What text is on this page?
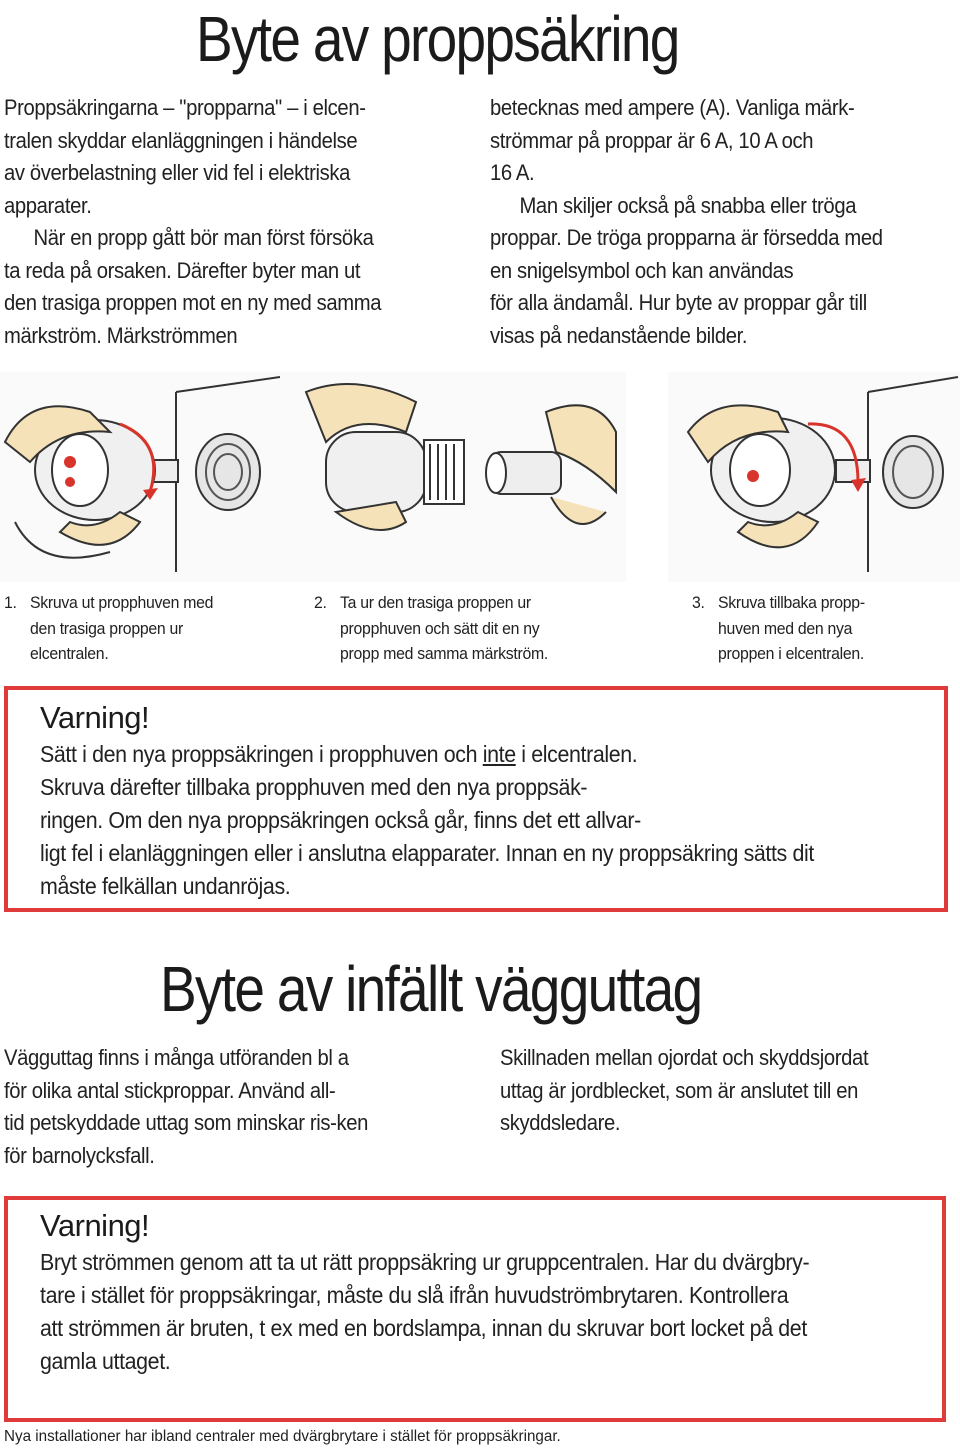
Byte av proppsäkring
Proppsäkringarna – "propparna" – i elcen-
tralen skyddar elanläggningen i händelse
av överbelastning eller vid fel i elektriska
apparater.
När en propp gått bör man först försöka
ta reda på orsaken. Därefter byter man ut
den trasiga proppen mot en ny med samma
märkström. Märkströmmen
betecknas med ampere (A). Vanliga märk-
strömmar på proppar är 6 A, 10 A och
16 A.
Man skiljer också på snabba eller tröga
proppar. De tröga propparna är försedda med
en snigelsymbol och kan användas
för alla ändamål. Hur byte av proppar går till
visas på nedanstående bilder.
1. Skruva ut propphuven med
den trasiga proppen ur
elcentralen.
2. Ta ur den trasiga proppen ur
propphuven och sätt dit en ny
propp med samma märkström.
3. Skruva tillbaka propp-
huven med den nya
proppen i elcentralen.
Varning!
Sätt i den nya proppsäkringen i propphuven och inte i elcentralen.
Skruva därefter tillbaka propphuven med den nya proppsäk-
ringen. Om den nya proppsäkringen också går, finns det ett allvar-
ligt fel i elanläggningen eller i anslutna elapparater. Innan en ny proppsäkring sätts dit
måste felkällan undanröjas.
Byte av infällt vägguttag
Vägguttag finns i många utföranden bl a
för olika antal stickproppar. Använd all-
tid petskyddade uttag som minskar ris-ken
för barnolycksfall.
Skillnaden mellan ojordat och skyddsjordat
uttag är jordblecket, som är anslutet till en
skyddsledare.
Varning!
Bryt strömmen genom att ta ut rätt proppsäkring ur gruppcentralen. Har du dvärgbry-
tare i stället för proppsäkringar, måste du slå ifrån huvudströmbrytaren. Kontrollera
att strömmen är bruten, t ex med en bordslampa, innan du skruvar bort locket på det
gamla uttaget.
Nya installationer har ibland centraler med dvärgbrytare i stället för proppsäkringar.
